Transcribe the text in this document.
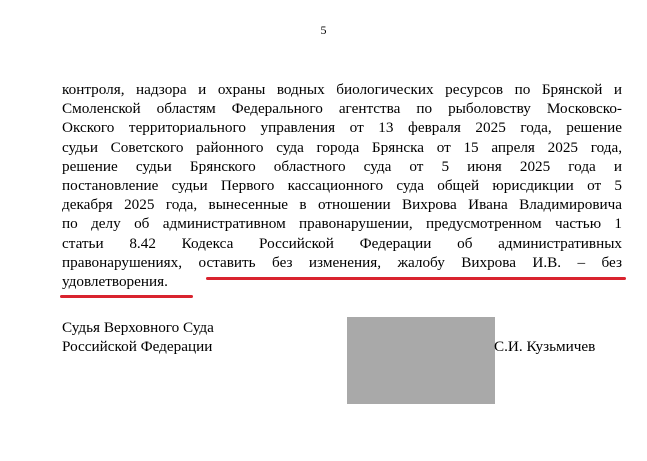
5
контроля, надзора и охраны водных биологических ресурсов по Брянской и
Смоленской областям Федерального агентства по рыболовству Московско-
Окского территориального управления от 13 февраля 2025 года, решение
судьи Советского районного суда города Брянска от 15 апреля 2025 года,
решение судьи Брянского областного суда от 5 июня 2025 года и
постановление судьи Первого кассационного суда общей юрисдикции от 5
декабря 2025 года, вынесенные в отношении Вихрова Ивана Владимировича
по делу об административном правонарушении, предусмотренном частью 1
статьи 8.42 Кодекса Российской Федерации об административных
правонарушениях, оставить без изменения, жалобу Вихрова И.В. – без
удовлетворения.
Судья Верховного Суда
Российской Федерации	С.И. Кузьмичев
